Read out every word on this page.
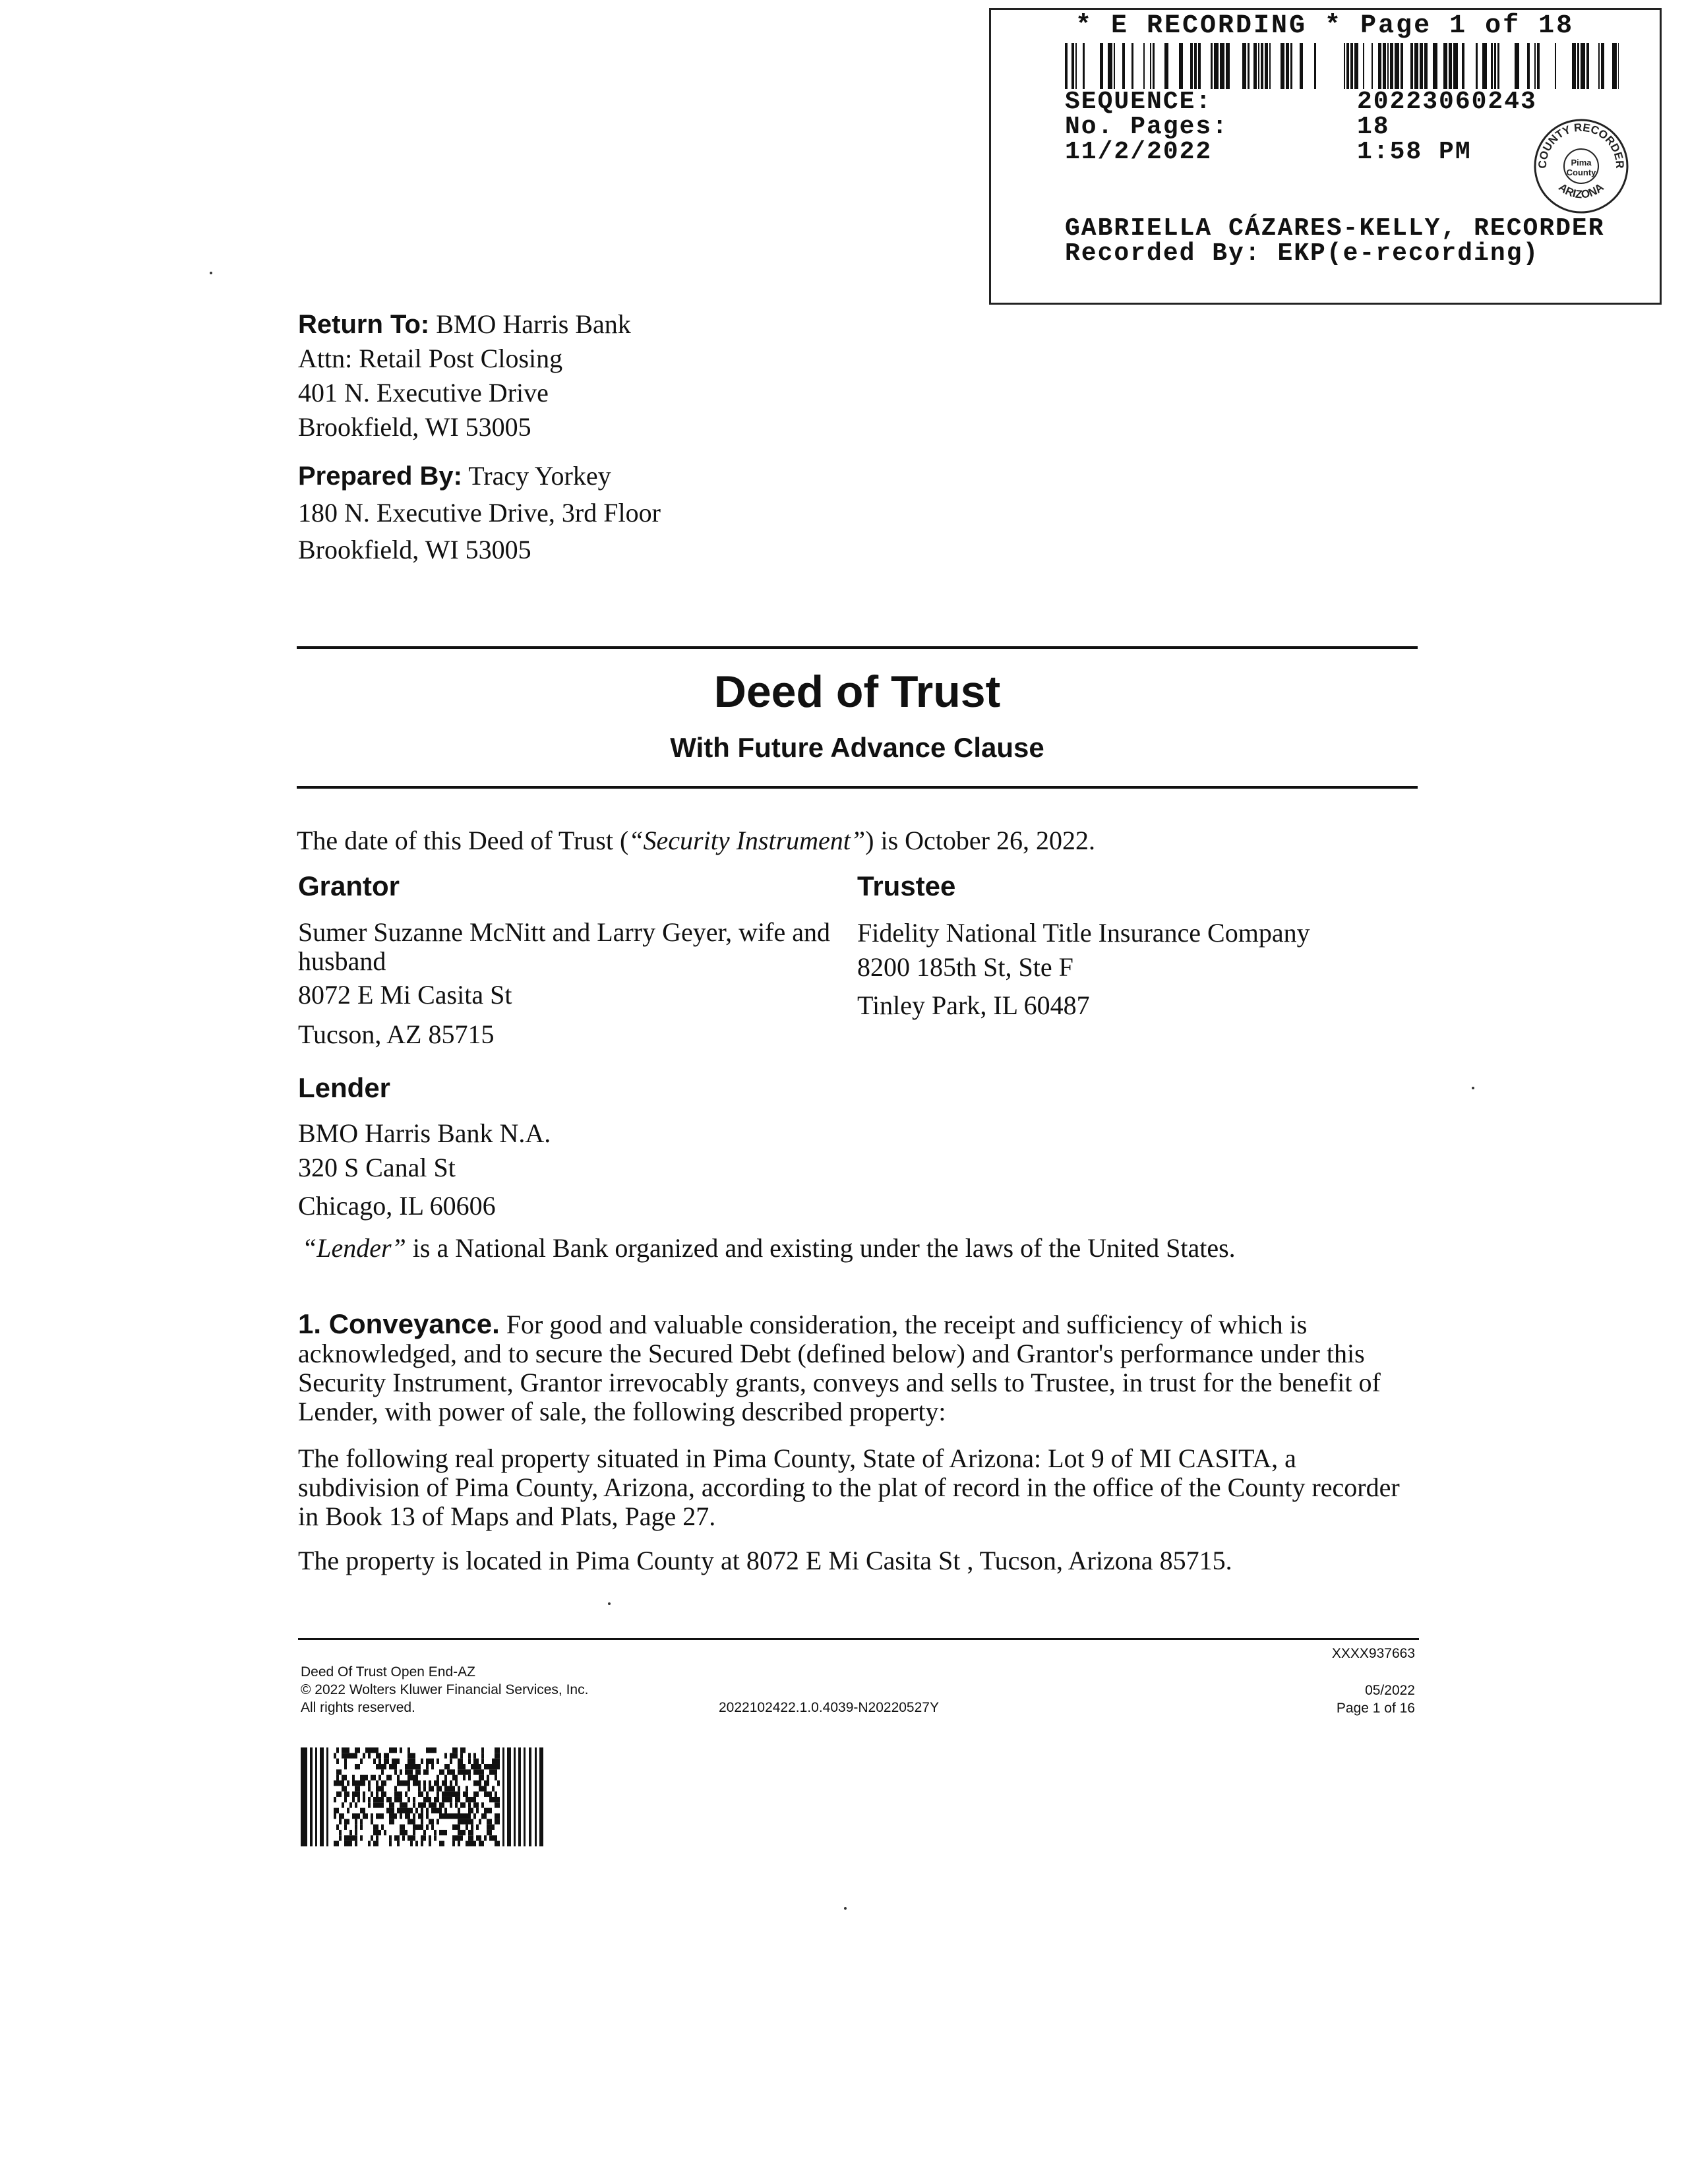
* E RECORDING * Page 1 of 18
SEQUENCE:	20223060243
No. Pages:	18
11/2/2022	1:58 PM
GABRIELLA CÁZARES-KELLY, RECORDER
Recorded By: EKP(e-recording)
COUNTY RECORDER
ARIZONA
Pima
County
Return To: BMO Harris Bank
Attn: Retail Post Closing
401 N. Executive Drive
Brookfield, WI 53005
Prepared By: Tracy Yorkey
180 N. Executive Drive, 3rd Floor
Brookfield, WI 53005
Deed of Trust
With Future Advance Clause
The date of this Deed of Trust (“Security Instrument”) is October 26, 2022.
Grantor
Sumer Suzanne McNitt and Larry Geyer, wife and husband
8072 E Mi Casita St
Tucson, AZ 85715
Trustee
Fidelity National Title Insurance Company
8200 185th St, Ste F
Tinley Park, IL 60487
Lender
BMO Harris Bank N.A.
320 S Canal St
Chicago, IL 60606
“Lender” is a National Bank organized and existing under the laws of the United States.
1. Conveyance. For good and valuable consideration, the receipt and sufficiency of which is acknowledged, and to secure the Secured Debt (defined below) and Grantor's performance under this Security Instrument, Grantor irrevocably grants, conveys and sells to Trustee, in trust for the benefit of Lender, with power of sale, the following described property:
The following real property situated in Pima County, State of Arizona: Lot 9 of MI CASITA, a subdivision of Pima County, Arizona, according to the plat of record in the office of the County recorder in Book 13 of Maps and Plats, Page 27.
The property is located in Pima County at 8072 E Mi Casita St , Tucson, Arizona 85715.
Deed Of Trust Open End-AZ
© 2022 Wolters Kluwer Financial Services, Inc.
All rights reserved.	2022102422.1.0.4039-N20220527Y
XXXX937663
05/2022
Page 1 of 16
